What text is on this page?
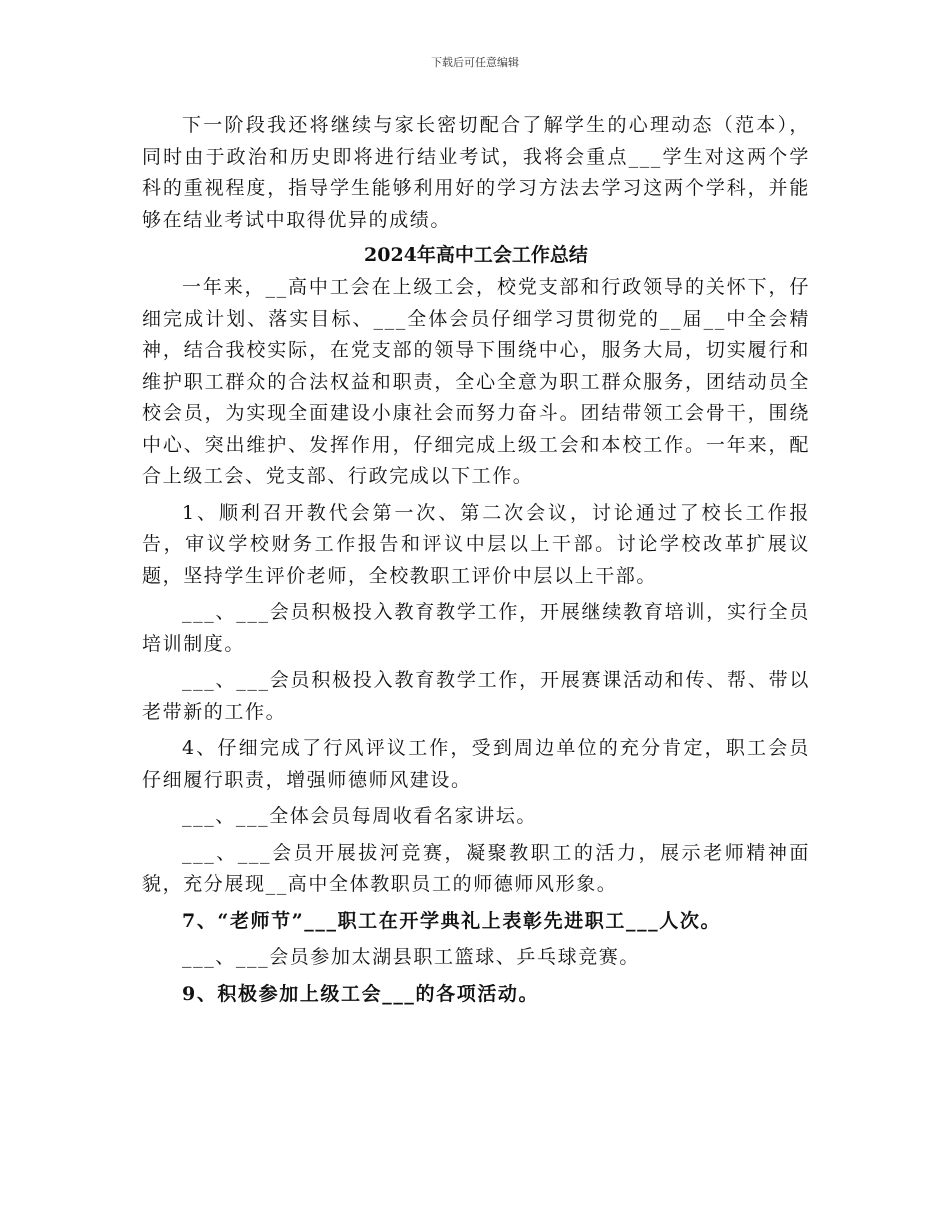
下载后可任意编辑

下一阶段我还将继续与家长密切配合了解学生的心理动态（范本），同时由于政治和历史即将进行结业考试，我将会重点___学生对这两个学科的重视程度，指导学生能够利用好的学习方法去学习这两个学科，并能够在结业考试中取得优异的成绩。

2024年高中工会工作总结

一年来，__高中工会在上级工会，校党支部和行政领导的关怀下，仔细完成计划、落实目标、___全体会员仔细学习贯彻党的__届__中全会精神，结合我校实际，在党支部的领导下围绕中心，服务大局，切实履行和维护职工群众的合法权益和职责，全心全意为职工群众服务，团结动员全校会员，为实现全面建设小康社会而努力奋斗。团结带领工会骨干，围绕中心、突出维护、发挥作用，仔细完成上级工会和本校工作。一年来，配合上级工会、党支部、行政完成以下工作。

1、顺利召开教代会第一次、第二次会议，讨论通过了校长工作报告，审议学校财务工作报告和评议中层以上干部。讨论学校改革扩展议题，坚持学生评价老师，全校教职工评价中层以上干部。

___、___会员积极投入教育教学工作，开展继续教育培训，实行全员培训制度。

___、___会员积极投入教育教学工作，开展赛课活动和传、帮、带以老带新的工作。

4、仔细完成了行风评议工作，受到周边单位的充分肯定，职工会员仔细履行职责，增强师德师风建设。

___、___全体会员每周收看名家讲坛。

___、___会员开展拔河竞赛，凝聚教职工的活力，展示老师精神面貌，充分展现__高中全体教职员工的师德师风形象。

7、“老师节”___职工在开学典礼上表彰先进职工___人次。

___、___会员参加太湖县职工篮球、乒乓球竞赛。

9、积极参加上级工会___的各项活动。
